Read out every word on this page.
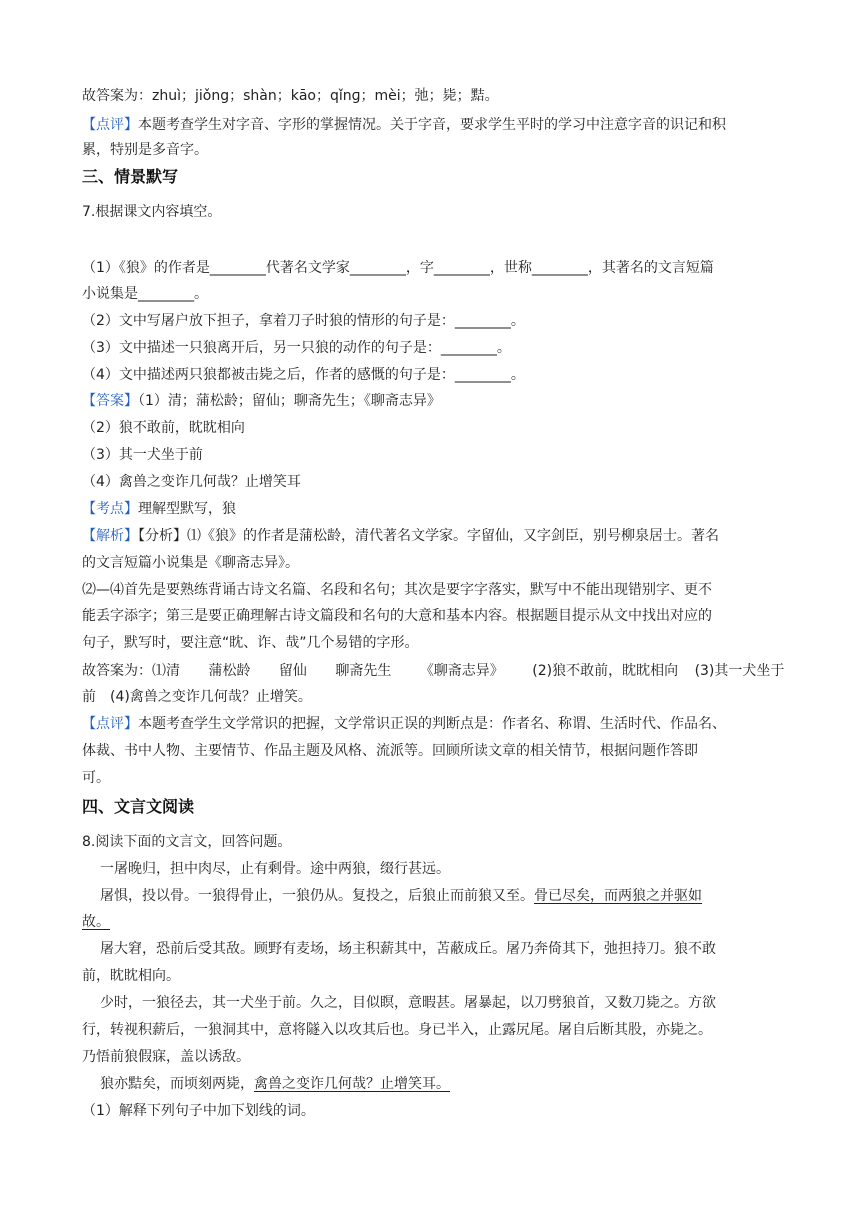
故答案为：zhuì；jiǒng；shàn；kāo；qǐnɡ；mèi；弛；毙；黠。
【点评】本题考查学生对字音、字形的掌握情况。关于字音，要求学生平时的学习中注意字音的识记和积
累，特别是多音字。
三、情景默写
7.根据课文内容填空。
（1）《狼》的作者是________代著名文学家________，字________，世称________，其著名的文言短篇
小说集是________。
（2）文中写屠户放下担子，拿着刀子时狼的情形的句子是：________。
（3）文中描述一只狼离开后，另一只狼的动作的句子是：________。
（4）文中描述两只狼都被击毙之后，作者的感慨的句子是：________。
【答案】（1）清；蒲松龄；留仙；聊斋先生；《聊斋志异》
（2）狼不敢前，眈眈相向
（3）其一犬坐于前
（4）禽兽之变诈几何哉？止增笑耳
【考点】理解型默写，狼
【解析】【分析】⑴《狼》的作者是蒲松龄，清代著名文学家。字留仙，又字剑臣，别号柳泉居士。著名
的文言短篇小说集是《聊斋志异》。
⑵—⑷首先是要熟练背诵古诗文名篇、名段和名句；其次是要字字落实，默写中不能出现错别字、更不
能丢字添字；第三是要正确理解古诗文篇段和名句的大意和基本内容。根据题目提示从文中找出对应的
句子，默写时，要注意“眈、诈、哉”几个易错的字形。
故答案为：⑴清 蒲松龄 留仙 聊斋先生 《聊斋志异》 (2)狼不敢前，眈眈相向 (3)其一犬坐于
前　(4)禽兽之变诈几何哉？止增笑。
【点评】本题考查学生文学常识的把握，文学常识正误的判断点是：作者名、称谓、生活时代、作品名、
体裁、书中人物、主要情节、作品主题及风格、流派等。回顾所读文章的相关情节，根据问题作答即
可。
四、文言文阅读
8.阅读下面的文言文，回答问题。
一屠晚归，担中肉尽，止有剩骨。途中两狼，缀行甚远。
屠惧，投以骨。一狼得骨止，一狼仍从。复投之，后狼止而前狼又至。骨已尽矣，而两狼之并驱如
故。
屠大窘，恐前后受其敌。顾野有麦场，场主积薪其中，苫蔽成丘。屠乃奔倚其下，弛担持刀。狼不敢
前，眈眈相向。
少时，一狼径去，其一犬坐于前。久之，目似瞑，意暇甚。屠暴起，以刀劈狼首，又数刀毙之。方欲
行，转视积薪后，一狼洞其中，意将隧入以攻其后也。身已半入，止露尻尾。屠自后断其股，亦毙之。
乃悟前狼假寐，盖以诱敌。
狼亦黠矣，而顷刻两毙，禽兽之变诈几何哉？止增笑耳。
（1）解释下列句子中加下划线的词。
